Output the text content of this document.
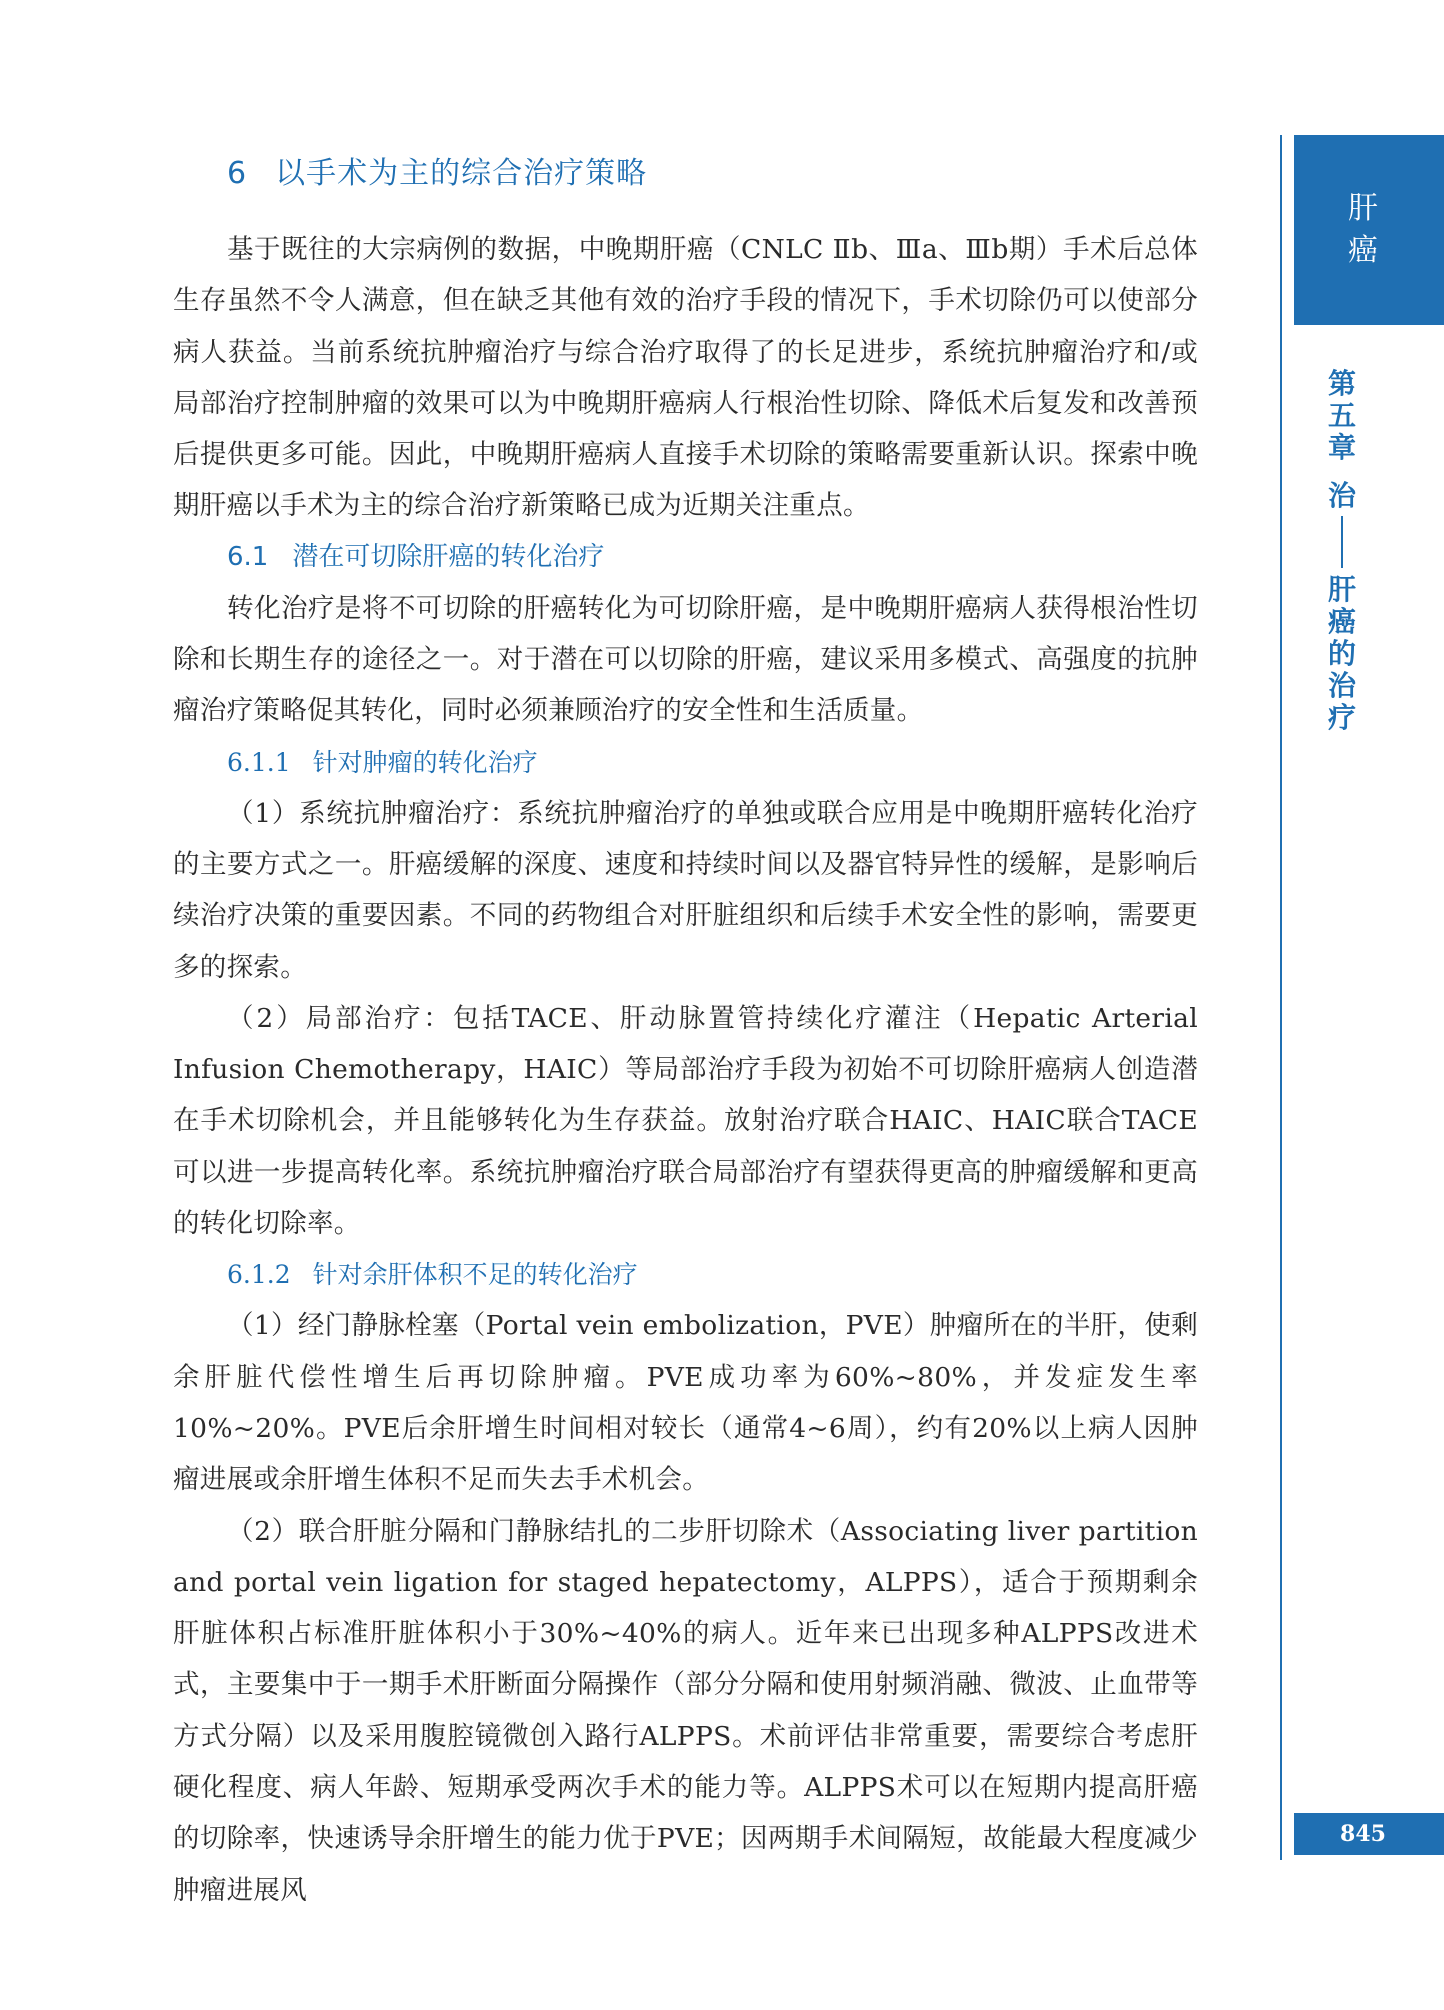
6 以手术为主的综合治疗策略

基于既往的大宗病例的数据，中晚期肝癌（CNLC Ⅱb、Ⅲa、Ⅲb期）手术后总体生存虽然不令人满意，但在缺乏其他有效的治疗手段的情况下，手术切除仍可以使部分病人获益。当前系统抗肿瘤治疗与综合治疗取得了的长足进步，系统抗肿瘤治疗和/或局部治疗控制肿瘤的效果可以为中晚期肝癌病人行根治性切除、降低术后复发和改善预后提供更多可能。因此，中晚期肝癌病人直接手术切除的策略需要重新认识。探索中晚期肝癌以手术为主的综合治疗新策略已成为近期关注重点。

6.1 潜在可切除肝癌的转化治疗

转化治疗是将不可切除的肝癌转化为可切除肝癌，是中晚期肝癌病人获得根治性切除和长期生存的途径之一。对于潜在可以切除的肝癌，建议采用多模式、高强度的抗肿瘤治疗策略促其转化，同时必须兼顾治疗的安全性和生活质量。

6.1.1 针对肿瘤的转化治疗

（1）系统抗肿瘤治疗：系统抗肿瘤治疗的单独或联合应用是中晚期肝癌转化治疗的主要方式之一。肝癌缓解的深度、速度和持续时间以及器官特异性的缓解，是影响后续治疗决策的重要因素。不同的药物组合对肝脏组织和后续手术安全性的影响，需要更多的探索。

（2）局部治疗：包括TACE、肝动脉置管持续化疗灌注（Hepatic Arterial Infusion Chemotherapy，HAIC）等局部治疗手段为初始不可切除肝癌病人创造潜在手术切除机会，并且能够转化为生存获益。放射治疗联合HAIC、HAIC联合TACE可以进一步提高转化率。系统抗肿瘤治疗联合局部治疗有望获得更高的肿瘤缓解和更高的转化切除率。

6.1.2 针对余肝体积不足的转化治疗

（1）经门静脉栓塞（Portal vein embolization，PVE）肿瘤所在的半肝，使剩余肝脏代偿性增生后再切除肿瘤。PVE成功率为60%~80%，并发症发生率10%~20%。PVE后余肝增生时间相对较长（通常4~6周），约有20%以上病人因肿瘤进展或余肝增生体积不足而失去手术机会。

（2）联合肝脏分隔和门静脉结扎的二步肝切除术（Associating liver partition and portal vein ligation for staged hepatectomy，ALPPS），适合于预期剩余肝脏体积占标准肝脏体积小于30%~40%的病人。近年来已出现多种ALPPS改进术式，主要集中于一期手术肝断面分隔操作（部分分隔和使用射频消融、微波、止血带等方式分隔）以及采用腹腔镜微创入路行ALPPS。术前评估非常重要，需要综合考虑肝硬化程度、病人年龄、短期承受两次手术的能力等。ALPPS术可以在短期内提高肝癌的切除率，快速诱导余肝增生的能力优于PVE；因两期手术间隔短，故能最大程度减少肿瘤进展风

肝
癌
第
五
章
治
肝
癌
的
治
疗
845
